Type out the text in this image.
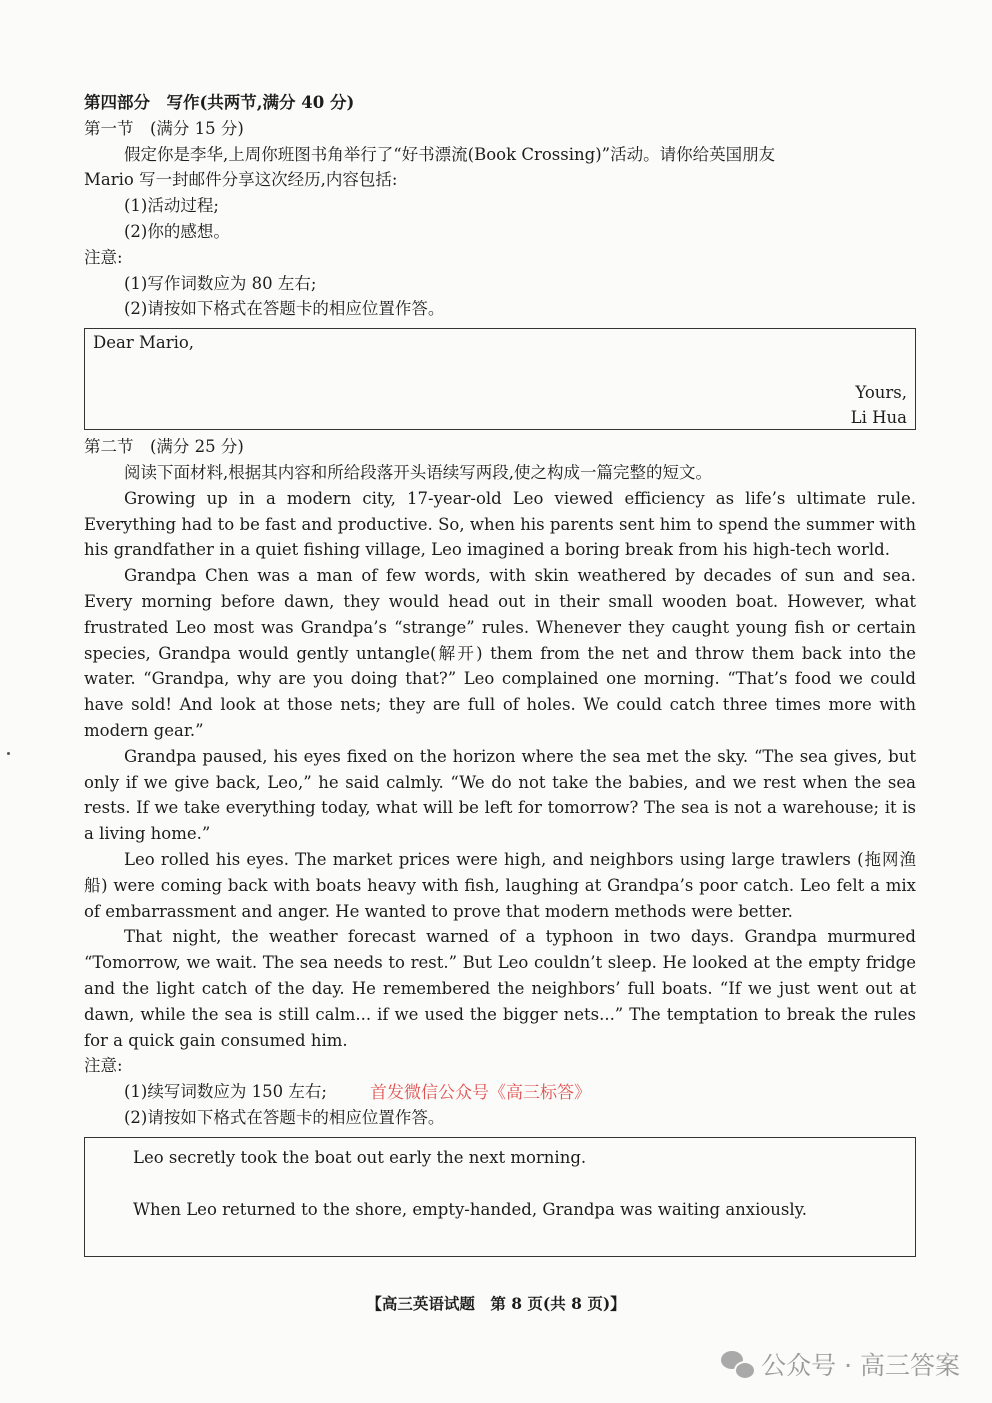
第四部分　写作(共两节,满分 40 分)
第一节　(满分 15 分)
假定你是李华,上周你班图书角举行了“好书漂流(Book Crossing)”活动。请你给英国朋友
Mario 写一封邮件分享这次经历,内容包括:
(1)活动过程;
(2)你的感想。
注意:
(1)写作词数应为 80 左右;
(2)请按如下格式在答题卡的相应位置作答。
Dear Mario,
Yours,
Li Hua
第二节　(满分 25 分)
阅读下面材料,根据其内容和所给段落开头语续写两段,使之构成一篇完整的短文。

Growing up in a modern city, 17-year-old Leo viewed efficiency as life’s ultimate rule. Everything had to be fast and productive. So, when his parents sent him to spend the summer with his grandfather in a quiet fishing village, Leo imagined a boring break from his high-tech world.

Grandpa Chen was a man of few words, with skin weathered by decades of sun and sea. Every morning before dawn, they would head out in their small wooden boat. However, what frustrated Leo most was Grandpa’s “strange” rules. Whenever they caught young fish or certain species, Grandpa would gently untangle(解开) them from the net and throw them back into the water. “Grandpa, why are you doing that?” Leo complained one morning. “That’s food we could have sold! And look at those nets; they are full of holes. We could catch three times more with modern gear.”

Grandpa paused, his eyes fixed on the horizon where the sea met the sky. “The sea gives, but only if we give back, Leo,” he said calmly. “We do not take the babies, and we rest when the sea rests. If we take everything today, what will be left for tomorrow? The sea is not a warehouse; it is a living home.”

Leo rolled his eyes. The market prices were high, and neighbors using large trawlers (拖网渔船) were coming back with boats heavy with fish, laughing at Grandpa’s poor catch. Leo felt a mix of embarrassment and anger. He wanted to prove that modern methods were better.

That night, the weather forecast warned of a typhoon in two days. Grandpa murmured “Tomorrow, we wait. The sea needs to rest.” But Leo couldn’t sleep. He looked at the empty fridge and the light catch of the day. He remembered the neighbors’ full boats. “If we just went out at dawn, while the sea is still calm... if we used the bigger nets...” The temptation to break the rules for a quick gain consumed him.

注意:
(1)续写词数应为 150 左右;
(2)请按如下格式在答题卡的相应位置作答。
Leo secretly took the boat out early the next morning.
When Leo returned to the shore, empty-handed, Grandpa was waiting anxiously.
首发微信公众号《高三标答》
【高三英语试题　第 8 页(共 8 页)】
公众号 · 高三答案
